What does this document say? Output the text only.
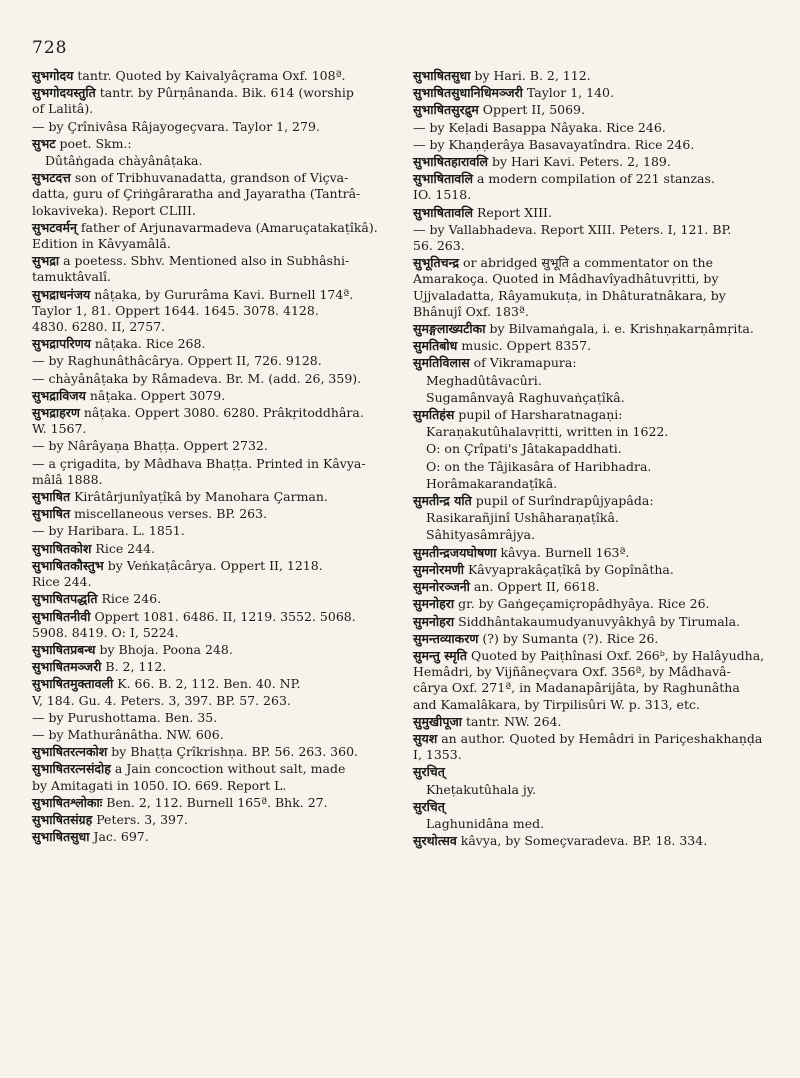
728
सुभगोदय tantr. Quoted by Kaivalyâçrama Oxf. 108ª.
सुभगोदयस्तुति tantr. by Pûrṇânanda. Bik. 614 (worship
of Lalitâ).
— by Çrînivâsa Râjayogeçvara. Taylor 1, 279.
सुभट poet. Skm.:
Dûtâṅgada chàyânâṭaka.
सुभटदत्त son of Tribhuvanadatta, grandson of Viçva-
datta, guru of Çriṅgâraratha and Jayaratha (Tantrâ-
lokaviveka). Report CLIII.
सुभटवर्मन् father of Arjunavarmadeva (Amaruçatakaṭîkâ).
Edition in Kâvyamâlâ.
सुभद्रा a poetess. Sbhv. Mentioned also in Subhâshi-
tamuktâvalî.
सुभद्राधनंजय nâṭaka, by Gururâma Kavi. Burnell 174ª.
Taylor 1, 81. Oppert 1644. 1645. 3078. 4128.
4830. 6280. II, 2757.
सुभद्रापरिणय nâṭaka. Rice 268.
— by Raghunâthâcârya. Oppert II, 726. 9128.
— chàyânâṭaka by Râmadeva. Br. M. (add. 26, 359).
सुभद्राविजय nâṭaka. Oppert 3079.
सुभद्राहरण nâṭaka. Oppert 3080. 6280. Prâkṛitoddhâra.
W. 1567.
— by Nârâyaṇa Bhaṭṭa. Oppert 2732.
— a çrigadita, by Mâdhava Bhaṭṭa. Printed in Kâvya-
mâlâ 1888.
सुभाषित Kirâtârjunîyaṭîkâ by Manohara Çarman.
सुभाषित miscellaneous verses. BP. 263.
— by Haribara. L. 1851.
सुभाषितकोश Rice 244.
सुभाषितकौस्तुभ by Veṅkaṭâcârya. Oppert II, 1218.
Rice 244.
सुभाषितपद्धति Rice 246.
सुभाषितनीवी Oppert 1081. 6486. II, 1219. 3552. 5068.
5908. 8419. O: I, 5224.
सुभाषितप्रबन्ध by Bhoja. Poona 248.
सुभाषितमञ्जरी B. 2, 112.
सुभाषितमुक्तावली K. 66. B. 2, 112. Ben. 40. NP.
V, 184. Gu. 4. Peters. 3, 397. BP. 57. 263.
— by Purushottama. Ben. 35.
— by Mathurânâtha. NW. 606.
सुभाषितरत्नकोश by Bhaṭṭa Çrîkrishṇa. BP. 56. 263. 360.
सुभाषितरत्नसंदोह a Jain concoction without salt, made
by Amitagati in 1050. IO. 669. Report L.
सुभाषितश्लोकाः Ben. 2, 112. Burnell 165ª. Bhk. 27.
सुभाषितसंग्रह Peters. 3, 397.
सुभाषितसुधा Jac. 697.
सुभाषितसुधा by Hari. B. 2, 112.
सुभाषितसुधानिधिमञ्जरी Taylor 1, 140.
सुभाषितसुरद्रुम Oppert II, 5069.
— by Keḷadi Basappa Nâyaka. Rice 246.
— by Khaṇḍerâya Basavayatîndra. Rice 246.
सुभाषितहारावलि by Hari Kavi. Peters. 2, 189.
सुभाषितावलि a modern compilation of 221 stanzas.
IO. 1518.
सुभाषितावलि Report XIII.
— by Vallabhadeva. Report XIII. Peters. I, 121. BP.
56. 263.
सुभूतिचन्द्र or abridged सुभूति a commentator on the
Amarakoça. Quoted in Mâdhavîyadhâtuvṛitti, by
Ujjvaladatta, Râyamukuṭa, in Dhâturatnâkara, by
Bhânujî Oxf. 183ª.
सुमङ्गलाख्यटीका by Bilvamaṅgala, i. e. Krishṇakarṇâmṛita.
सुमतिबोध music. Oppert 8357.
सुमतिविलास of Vikramapura:
Meghadûtâvacûri.
Sugamânvayâ Raghuvaṅçaṭîkâ.
सुमतिहंस pupil of Harsharatnagaṇi:
Karaṇakutûhalavṛitti, written in 1622.
O: on Çrîpati's Jâtakapaddhati.
O: on the Tâjikasâra of Haribhadra.
Horâmakarandaṭîkâ.
सुमतीन्द्र यति pupil of Surîndrapûjyapâda:
Rasikarañjinî Ushâharaṇaṭîkâ.
Sâhityasâmrâjya.
सुमतीन्द्रजयघोषणा kâvya. Burnell 163ª.
सुमनोरमणी Kâvyaprakâçaṭîkâ by Gopînâtha.
सुमनोरञ्जनी an. Oppert II, 6618.
सुमनोहरा gr. by Gaṅgeçamiçropâdhyâya. Rice 26.
सुमनोहरा Siddhântakaumudyanuvyâkhyâ by Tirumala.
सुमन्तव्याकरण (?) by Sumanta (?). Rice 26.
सुमन्तु स्मृति Quoted by Paiṭhînasi Oxf. 266ᵇ, by Halâyudha,
Hemâdri, by Vijñâneçvara Oxf. 356ª, by Mâdhavâ-
cârya Oxf. 271ª, in Madanapârijâta, by Raghunâtha
and Kamalâkara, by Tirpilisûri W. p. 313, etc.
सुमुखीपूजा tantr. NW. 264.
सुयश an author. Quoted by Hemâdri in Pariçeshakhaṇḍa
I, 1353.
सुरचित्
Kheṭakutûhala jy.
सुरचित्
Laghunidâna med.
सुरथोत्सव kâvya, by Someçvaradeva. BP. 18. 334.
